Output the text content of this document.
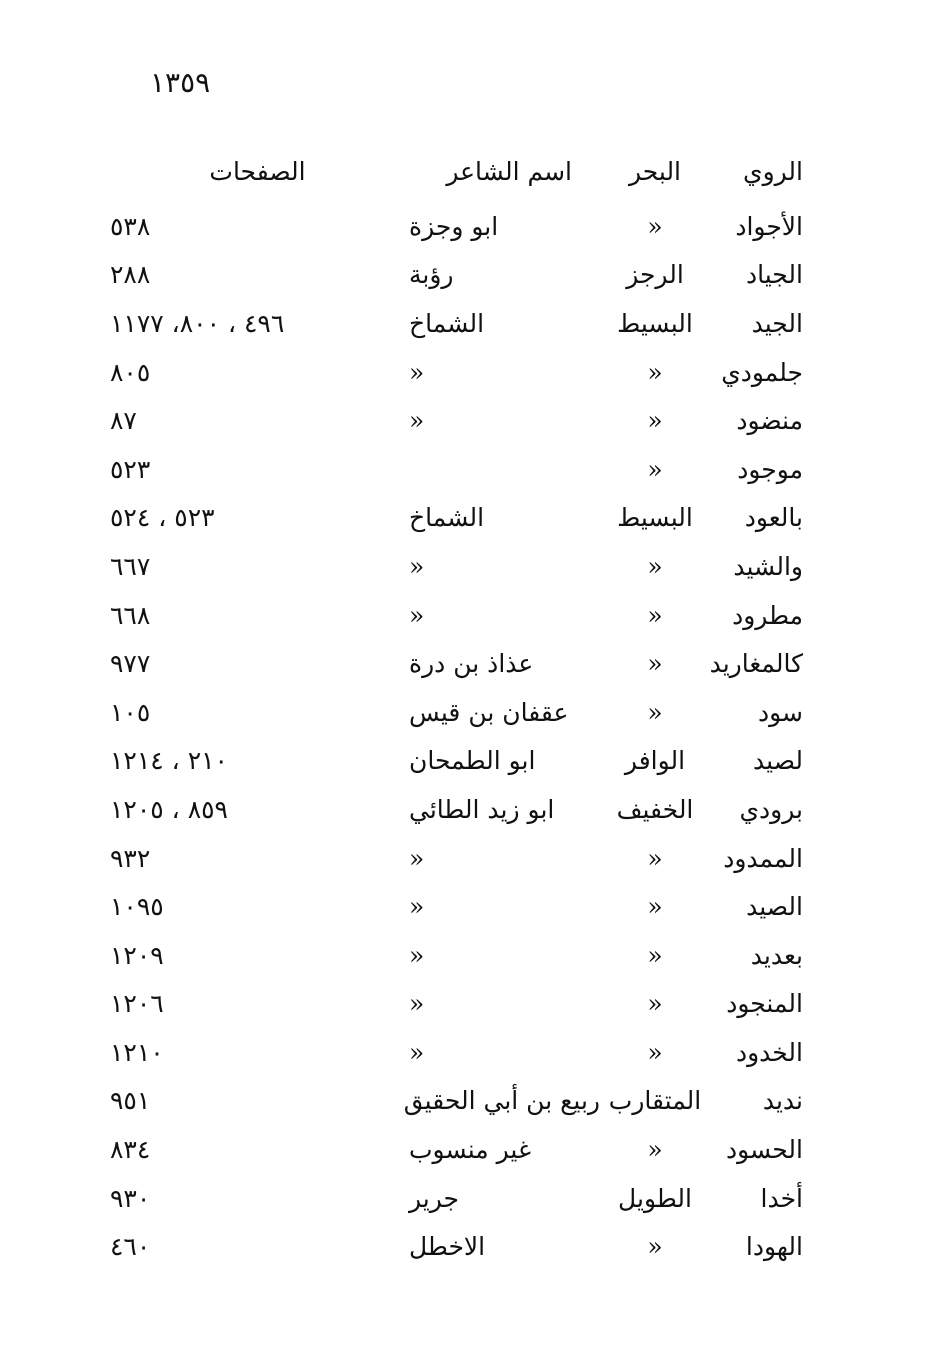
١٣٥٩
الروي	البحر	اسم الشاعر	الصفحات
الأجواد	«	ابو وجزة	٥٣٨
الجياد	الرجز	رؤبة	٢٨٨
الجيد	البسيط	الشماخ	٤٩٦ ، ٨٠٠، ١١٧٧
جلمودي	«	«	٨٠٥
منضود	«	«	٨٧
موجود	«		٥٢٣
بالعود	البسيط	الشماخ	٥٢٣ ، ٥٢٤
والشيد	«	«	٦٦٧
مطرود	«	«	٦٦٨
كالمغاريد	«	عذاذ بن درة	٩٧٧
سود	«	عقفان بن قيس	١٠٥
لصيد	الوافر	ابو الطمحان	٢١٠ ، ١٢١٤
برودي	الخفيف	ابو زيد الطائي	٨٥٩ ، ١٢٠٥
الممدود	«	«	٩٣٢
الصيد	«	«	١٠٩٥
بعديد	«	«	١٢٠٩
المنجود	«	«	١٢٠٦
الخدود	«	«	١٢١٠
نديد	المتقارب	ربيع بن أبي الحقيق	٩٥١
الحسود	«	غير منسوب	٨٣٤
أخدا	الطويل	جرير	٩٣٠
الهودا	«	الاخطل	٤٦٠
